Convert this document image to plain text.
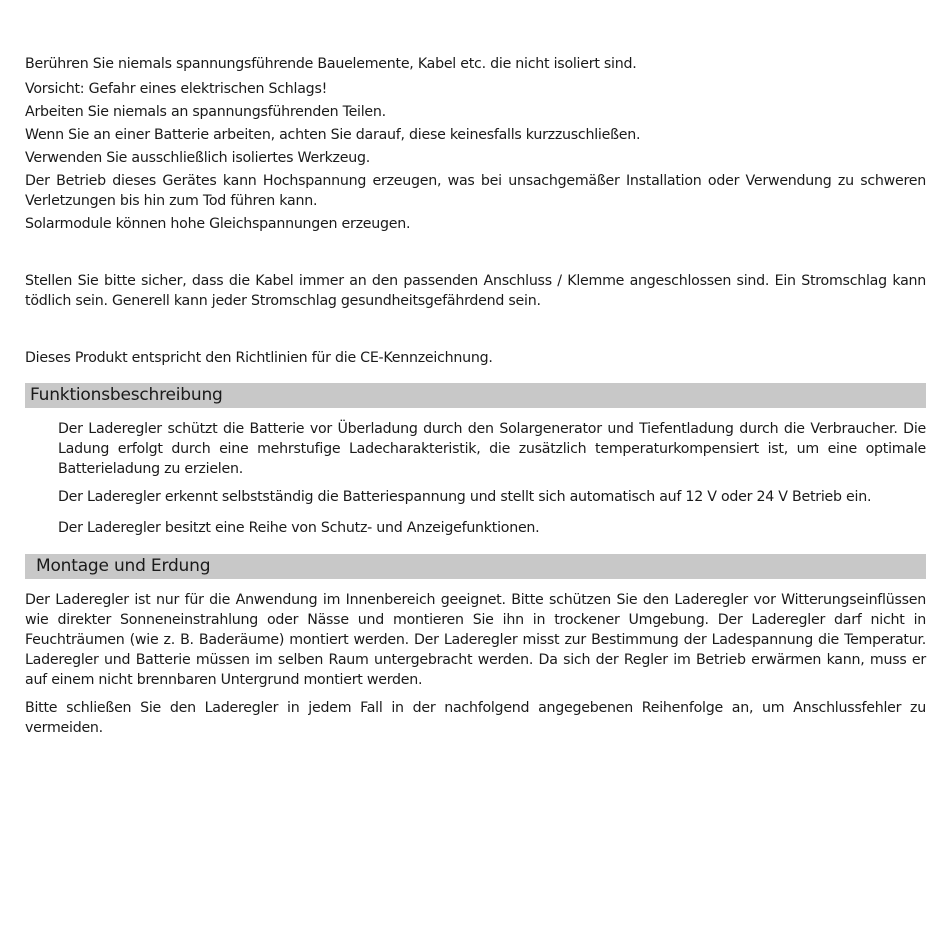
Berühren Sie niemals spannungsführende Bauelemente, Kabel etc. die nicht isoliert sind.

Vorsicht: Gefahr eines elektrischen Schlags!

Arbeiten Sie niemals an spannungsführenden Teilen.

Wenn Sie an einer Batterie arbeiten, achten Sie darauf, diese keinesfalls kurzzuschließen.

Verwenden Sie ausschließlich isoliertes Werkzeug.

Der Betrieb dieses Gerätes kann Hochspannung erzeugen, was bei unsachgemäßer Installation oder Verwendung zu schweren Verletzungen bis hin zum Tod führen kann.

Solarmodule können hohe Gleichspannungen erzeugen.

Stellen Sie bitte sicher, dass die Kabel immer an den passenden Anschluss / Klemme angeschlossen sind. Ein Stromschlag kann tödlich sein. Generell kann jeder Stromschlag gesundheitsgefährdend sein.

Dieses Produkt entspricht den Richtlinien für die CE-Kennzeichnung.

Funktionsbeschreibung

Der Laderegler schützt die Batterie vor Überladung durch den Solargenerator und Tiefentladung durch die Verbraucher. Die Ladung erfolgt durch eine mehrstufige Ladecharakteristik, die zusätzlich temperaturkompensiert ist, um eine optimale Batterieladung zu erzielen.

Der Laderegler erkennt selbstständig die Batteriespannung und stellt sich automatisch auf 12 V oder 24 V Betrieb ein.

Der Laderegler besitzt eine Reihe von Schutz- und Anzeigefunktionen.

Montage und Erdung

Der Laderegler ist nur für die Anwendung im Innenbereich geeignet. Bitte schützen Sie den Laderegler vor Witterungseinflüssen wie direkter Sonneneinstrahlung oder Nässe und montieren Sie ihn in trockener Umgebung. Der Laderegler darf nicht in Feuchträumen (wie z. B. Baderäume) montiert werden. Der Laderegler misst zur Bestimmung der Ladespannung die Temperatur. Laderegler und Batterie müssen im selben Raum untergebracht werden. Da sich der Regler im Betrieb erwärmen kann, muss er auf einem nicht brennbaren Untergrund montiert werden.

Bitte schließen Sie den Laderegler in jedem Fall in der nachfolgend angegebenen Reihenfolge an, um Anschlussfehler zu vermeiden.
